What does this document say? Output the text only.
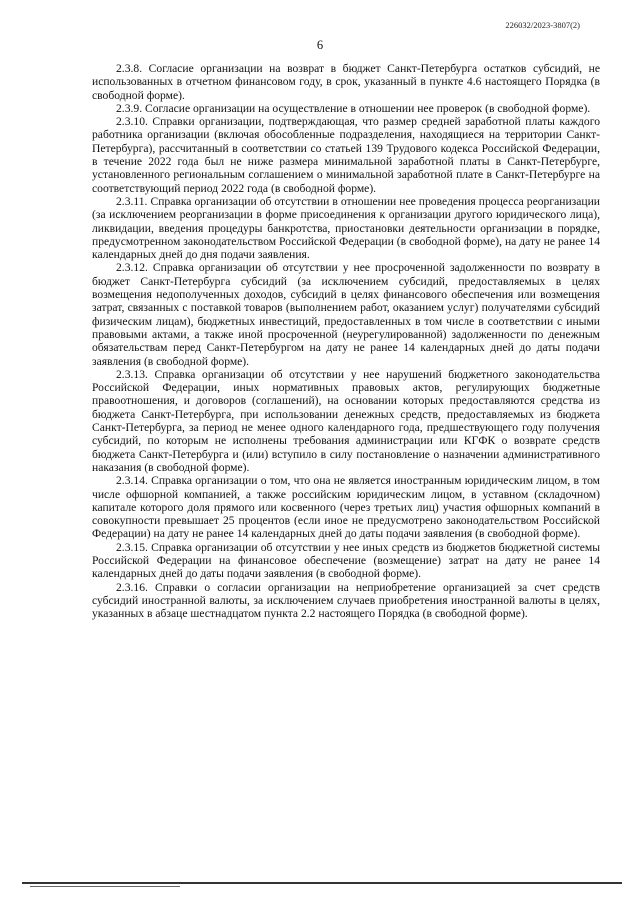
226032/2023-3807(2)
6

2.3.8. Согласие организации на возврат в бюджет Санкт-Петербурга остатков субсидий, не использованных в отчетном финансовом году, в срок, указанный в пункте 4.6 настоящего Порядка (в свободной форме).

2.3.9. Согласие организации на осуществление в отношении нее проверок (в свободной форме).

2.3.10. Справки организации, подтверждающая, что размер средней заработной платы каждого работника организации (включая обособленные подразделения, находящиеся на территории Санкт-Петербурга), рассчитанный в соответствии со статьей 139 Трудового кодекса Российской Федерации, в течение 2022 года был не ниже размера минимальной заработной платы в Санкт-Петербурге, установленного региональным соглашением о минимальной заработной плате в Санкт-Петербурге на соответствующий период 2022 года (в свободной форме).

2.3.11. Справка организации об отсутствии в отношении нее проведения процесса реорганизации (за исключением реорганизации в форме присоединения к организации другого юридического лица), ликвидации, введения процедуры банкротства, приостановки деятельности организации в порядке, предусмотренном законодательством Российской Федерации (в свободной форме), на дату не ранее 14 календарных дней до дня подачи заявления.

2.3.12. Справка организации об отсутствии у нее просроченной задолженности по возврату в бюджет Санкт-Петербурга субсидий (за исключением субсидий, предоставляемых в целях возмещения недополученных доходов, субсидий в целях финансового обеспечения или возмещения затрат, связанных с поставкой товаров (выполнением работ, оказанием услуг) получателями субсидий физическим лицам), бюджетных инвестиций, предоставленных в том числе в соответствии с иными правовыми актами, а также иной просроченной (неурегулированной) задолженности по денежным обязательствам перед Санкт-Петербургом на дату не ранее 14 календарных дней до даты подачи заявления (в свободной форме).

2.3.13. Справка организации об отсутствии у нее нарушений бюджетного законодательства Российской Федерации, иных нормативных правовых актов, регулирующих бюджетные правоотношения, и договоров (соглашений), на основании которых предоставляются средства из бюджета Санкт-Петербурга, при использовании денежных средств, предоставляемых из бюджета Санкт-Петербурга, за период не менее одного календарного года, предшествующего году получения субсидий, по которым не исполнены требования администрации или КГФК о возврате средств бюджета Санкт-Петербурга и (или) вступило в силу постановление о назначении административного наказания (в свободной форме).

2.3.14. Справка организации о том, что она не является иностранным юридическим лицом, в том числе офшорной компанией, а также российским юридическим лицом, в уставном (складочном) капитале которого доля прямого или косвенного (через третьих лиц) участия офшорных компаний в совокупности превышает 25 процентов (если иное не предусмотрено законодательством Российской Федерации) на дату не ранее 14 календарных дней до даты подачи заявления (в свободной форме).

2.3.15. Справка организации об отсутствии у нее иных средств из бюджетов бюджетной системы Российской Федерации на финансовое обеспечение (возмещение) затрат на дату не ранее 14 календарных дней до даты подачи заявления (в свободной форме).

2.3.16. Справки о согласии организации на неприобретение организацией за счет средств субсидий иностранной валюты, за исключением случаев приобретения иностранной валюты в целях, указанных в абзаце шестнадцатом пункта 2.2 настоящего Порядка (в свободной форме).
